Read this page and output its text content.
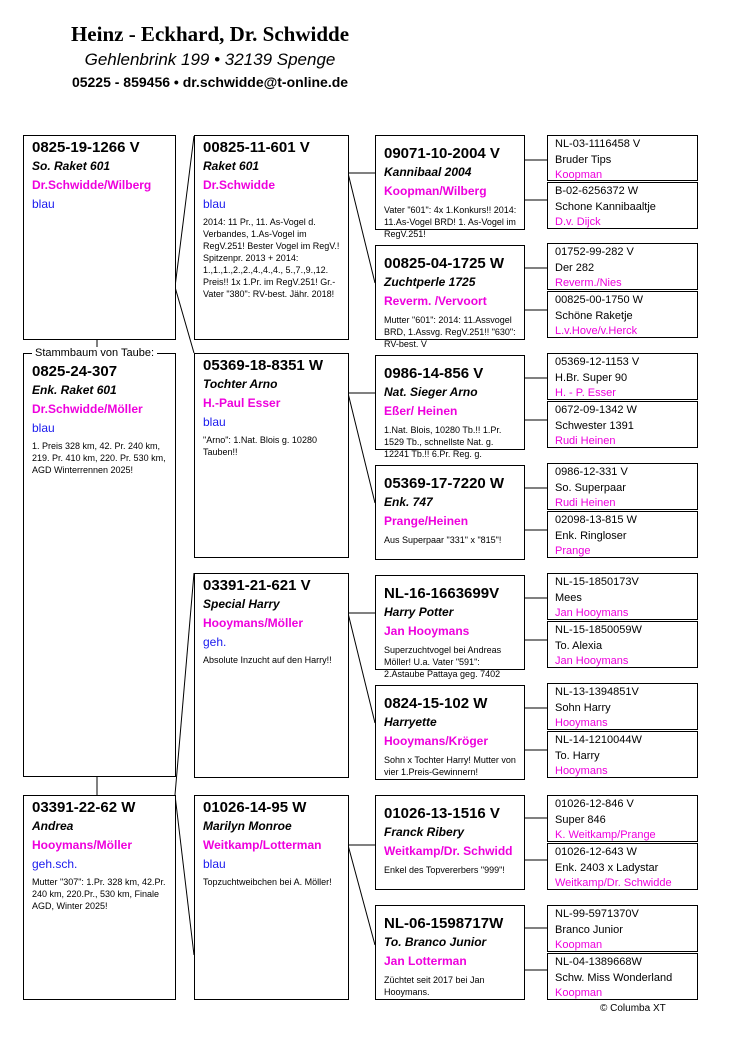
Heinz - Eckhard, Dr. Schwidde
Gehlenbrink 199 • 32139 Spenge
05225 - 859456 • dr.schwidde@t-online.de
0825-19-1266 V
So. Raket 601
Dr.Schwidde/Wilberg
blau
0825-24-307
Enk. Raket 601
Dr.Schwidde/Möller
blau
1. Preis 328 km, 42. Pr. 240 km, 219. Pr. 410 km, 220. Pr. 530 km, AGD Winterrennen 2025!
Stammbaum von Taube:
03391-22-62 W
Andrea
Hooymans/Möller
geh.sch.
Mutter "307": 1.Pr. 328 km, 42.Pr. 240 km, 220.Pr., 530 km, Finale AGD, Winter 2025!
00825-11-601 V
Raket 601
Dr.Schwidde
blau
2014: 11 Pr., 11. As-Vogel d. Verbandes, 1.As-Vogel im RegV.251! Bester Vogel im RegV.! Spitzenpr. 2013 + 2014: 1.,1.,1.,2.,2.,4.,4.,4., 5.,7.,9.,12. Preis!! 1x 1.Pr. im RegV.251! Gr.-Vater "380": RV-best. Jähr. 2018!
05369-18-8351 W
Tochter Arno
H.-Paul Esser
blau
"Arno": 1.Nat. Blois g. 10280 Tauben!!
03391-21-621 V
Special Harry
Hooymans/Möller
geh.
Absolute Inzucht auf den Harry!!
01026-14-95 W
Marilyn Monroe
Weitkamp/Lotterman
blau
Topzuchtweibchen bei A. Möller!
09071-10-2004 V
Kannibaal 2004
Koopman/Wilberg
Vater "601": 4x 1.Konkurs!! 2014: 11.As-Vogel BRD! 1. As-Vogel im RegV.251!
00825-04-1725 W
Zuchtperle 1725
Reverm. /Vervoort
Mutter "601": 2014: 11.Assvogel BRD, 1.Assvg. RegV.251!! "630": RV-best. V
0986-14-856 V
Nat. Sieger Arno
Eßer/ Heinen
1.Nat. Blois, 10280 Tb.!! 1.Pr. 1529 Tb., schnellste Nat. g. 12241 Tb.!! 6.Pr. Reg. g.
05369-17-7220 W
Enk. 747
Prange/Heinen
Aus Superpaar "331" x "815"!
NL-16-1663699V
Harry Potter
Jan Hooymans
Superzuchtvogel bei Andreas Möller! U.a. Vater "591": 2.Astaube Pattaya geg. 7402
0824-15-102 W
Harryette
Hooymans/Kröger
Sohn x Tochter Harry! Mutter von vier 1.Preis-Gewinnern!
01026-13-1516 V
Franck Ribery
Weitkamp/Dr. Schwidd
Enkel des Topvererbers "999"!
NL-06-1598717W
To. Branco Junior
Jan Lotterman
Züchtet seit 2017 bei Jan Hooymans.
NL-03-1116458 V
Bruder Tips
Koopman
B-02-6256372 W
Schone Kannibaaltje
D.v. Dijck
01752-99-282 V
Der 282
Reverm./Nies
00825-00-1750 W
Schöne Raketje
L.v.Hove/v.Herck
05369-12-1153 V
H.Br. Super 90
H. - P. Esser
0672-09-1342 W
Schwester 1391
Rudi Heinen
0986-12-331 V
So. Superpaar
Rudi Heinen
02098-13-815 W
Enk. Ringloser
Prange
NL-15-1850173V
Mees
Jan Hooymans
NL-15-1850059W
To. Alexia
Jan Hooymans
NL-13-1394851V
Sohn Harry
Hooymans
NL-14-1210044W
To. Harry
Hooymans
01026-12-846 V
Super 846
K. Weitkamp/Prange
01026-12-643 W
Enk. 2403 x Ladystar
Weitkamp/Dr. Schwidde
NL-99-5971370V
Branco Junior
Koopman
NL-04-1389668W
Schw. Miss Wonderland
Koopman
© Columba XT
